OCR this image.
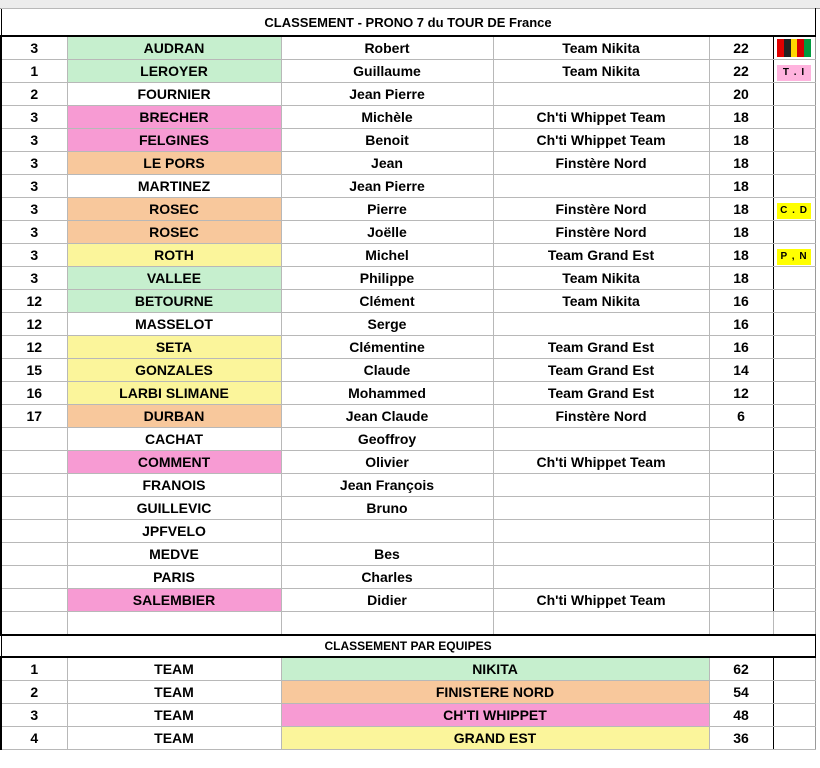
CLASSEMENT - PRONO 7 du TOUR DE France					
3	AUDRAN	Robert	Team Nikita	22	

1	LEROYER	Guillaume	Team Nikita	22	T . I
2	FOURNIER	Jean Pierre		20	
3	BRECHER	Michèle	Ch'ti Whippet Team	18	
3	FELGINES	Benoit	Ch'ti Whippet Team	18	
3	LE PORS	Jean	Finstère Nord	18	
3	MARTINEZ	Jean Pierre		18	
3	ROSEC	Pierre	Finstère Nord	18	C . D
3	ROSEC	Joëlle	Finstère Nord	18	
3	ROTH	Michel	Team Grand Est	18	P , N
3	VALLEE	Philippe	Team Nikita	18	
12	BETOURNE	Clément	Team Nikita	16	
12	MASSELOT	Serge		16	
12	SETA	Clémentine	Team Grand Est	16	
15	GONZALES	Claude	Team Grand Est	14	
16	LARBI SLIMANE	Mohammed	Team Grand Est	12	
17	DURBAN	Jean Claude	Finstère Nord	6	
	CACHAT	Geoffroy			
	COMMENT	Olivier	Ch'ti Whippet Team		
	FRANOIS	Jean François			
	GUILLEVIC	Bruno			
	JPFVELO				
	MEDVE	Bes			
	PARIS	Charles			
	SALEMBIER	Didier	Ch'ti Whippet Team		

CLASSEMENT PAR EQUIPES					
1	TEAM	NIKITA		62	
2	TEAM	FINISTERE NORD		54	
3	TEAM	CH'TI WHIPPET		48	
4	TEAM	GRAND EST		36	
